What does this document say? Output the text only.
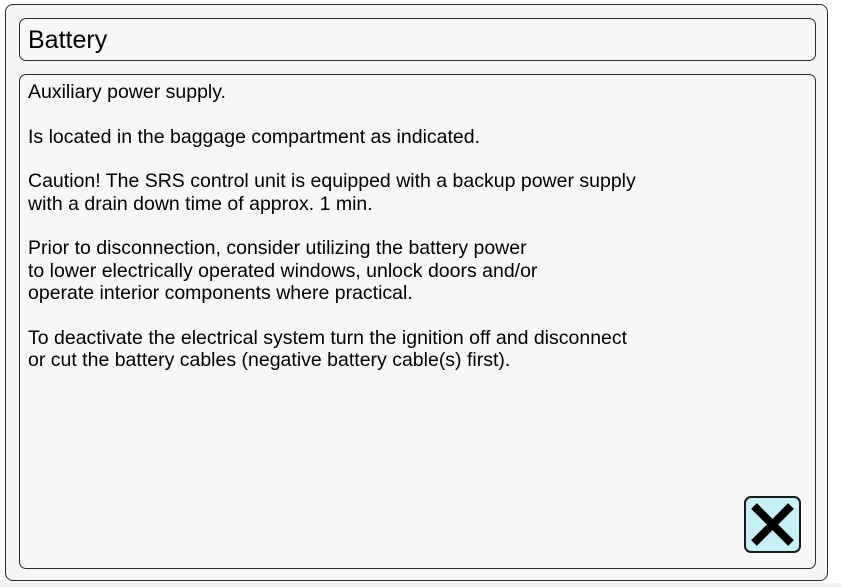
Battery

Auxiliary power supply.

Is located in the baggage compartment as indicated.

Caution! The SRS control unit is equipped with a backup power supply
with a drain down time of approx. 1 min.

Prior to disconnection, consider utilizing the battery power
to lower electrically operated windows, unlock doors and/or
operate interior components where practical.

To deactivate the electrical system turn the ignition off and disconnect
or cut the battery cables (negative battery cable(s) first).
